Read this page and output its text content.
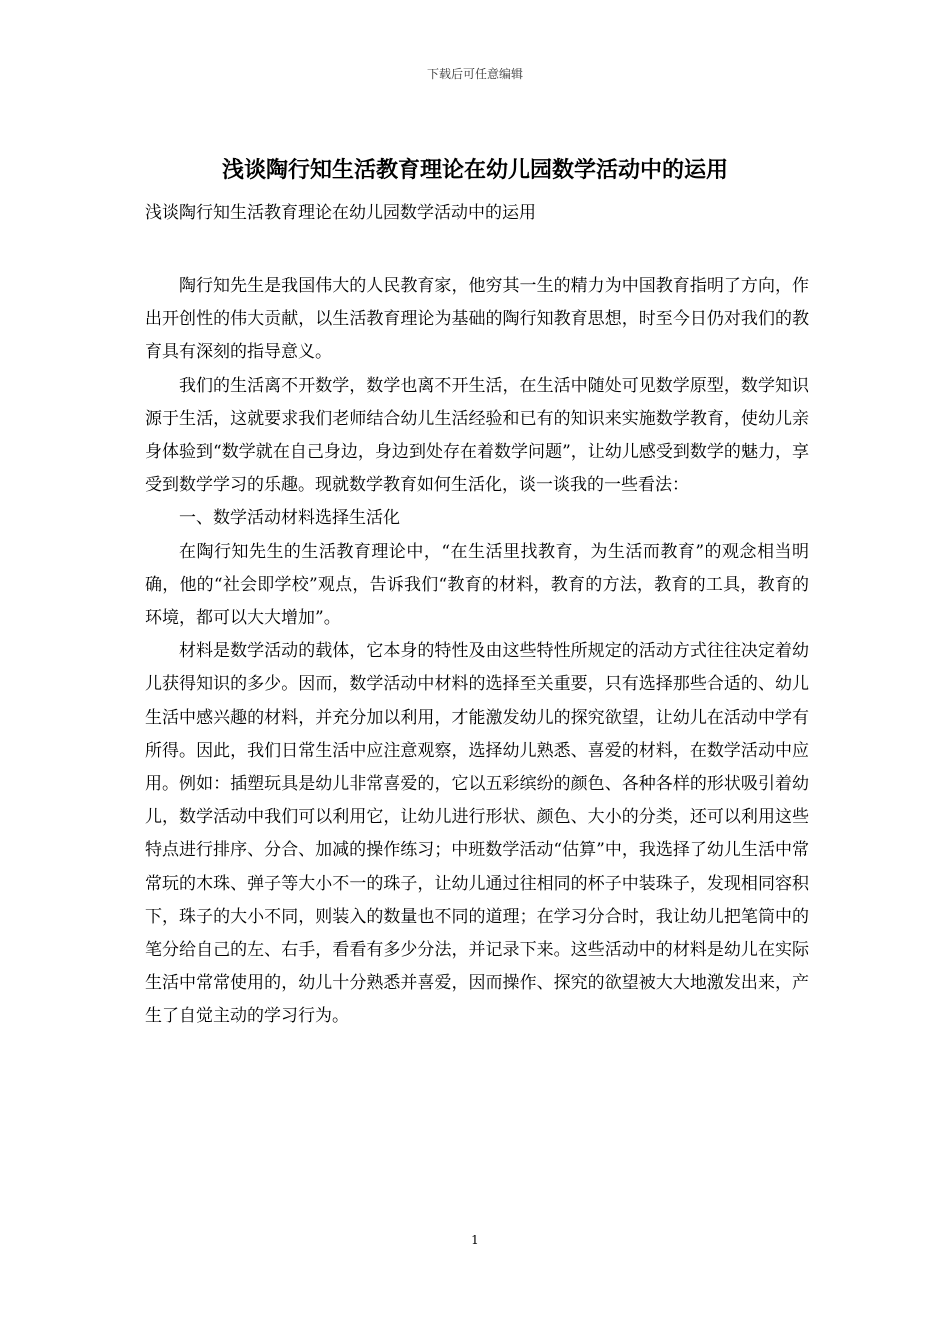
下载后可任意编辑
浅谈陶行知生活教育理论在幼儿园数学活动中的运用

浅谈陶行知生活教育理论在幼儿园数学活动中的运用

陶行知先生是我国伟大的人民教育家，他穷其一生的精力为中国教育指明了方向，作出开创性的伟大贡献，以生活教育理论为基础的陶行知教育思想，时至今日仍对我们的教育具有深刻的指导意义。

我们的生活离不开数学，数学也离不开生活，在生活中随处可见数学原型，数学知识源于生活，这就要求我们老师结合幼儿生活经验和已有的知识来实施数学教育，使幼儿亲身体验到“数学就在自己身边，身边到处存在着数学问题”，让幼儿感受到数学的魅力，享受到数学学习的乐趣。现就数学教育如何生活化，谈一谈我的一些看法：

一、数学活动材料选择生活化

在陶行知先生的生活教育理论中，“在生活里找教育，为生活而教育”的观念相当明确，他的“社会即学校”观点，告诉我们“教育的材料，教育的方法，教育的工具，教育的环境，都可以大大增加”。

材料是数学活动的载体，它本身的特性及由这些特性所规定的活动方式往往决定着幼儿获得知识的多少。因而，数学活动中材料的选择至关重要，只有选择那些合适的、幼儿生活中感兴趣的材料，并充分加以利用，才能激发幼儿的探究欲望，让幼儿在活动中学有所得。因此，我们日常生活中应注意观察，选择幼儿熟悉、喜爱的材料，在数学活动中应用。例如：插塑玩具是幼儿非常喜爱的，它以五彩缤纷的颜色、各种各样的形状吸引着幼儿，数学活动中我们可以利用它，让幼儿进行形状、颜色、大小的分类，还可以利用这些特点进行排序、分合、加减的操作练习；中班数学活动“估算”中，我选择了幼儿生活中常常玩的木珠、弹子等大小不一的珠子，让幼儿通过往相同的杯子中装珠子，发现相同容积下，珠子的大小不同，则装入的数量也不同的道理；在学习分合时，我让幼儿把笔筒中的笔分给自己的左、右手，看看有多少分法，并记录下来。这些活动中的材料是幼儿在实际生活中常常使用的，幼儿十分熟悉并喜爱，因而操作、探究的欲望被大大地激发出来，产生了自觉主动的学习行为。

1
